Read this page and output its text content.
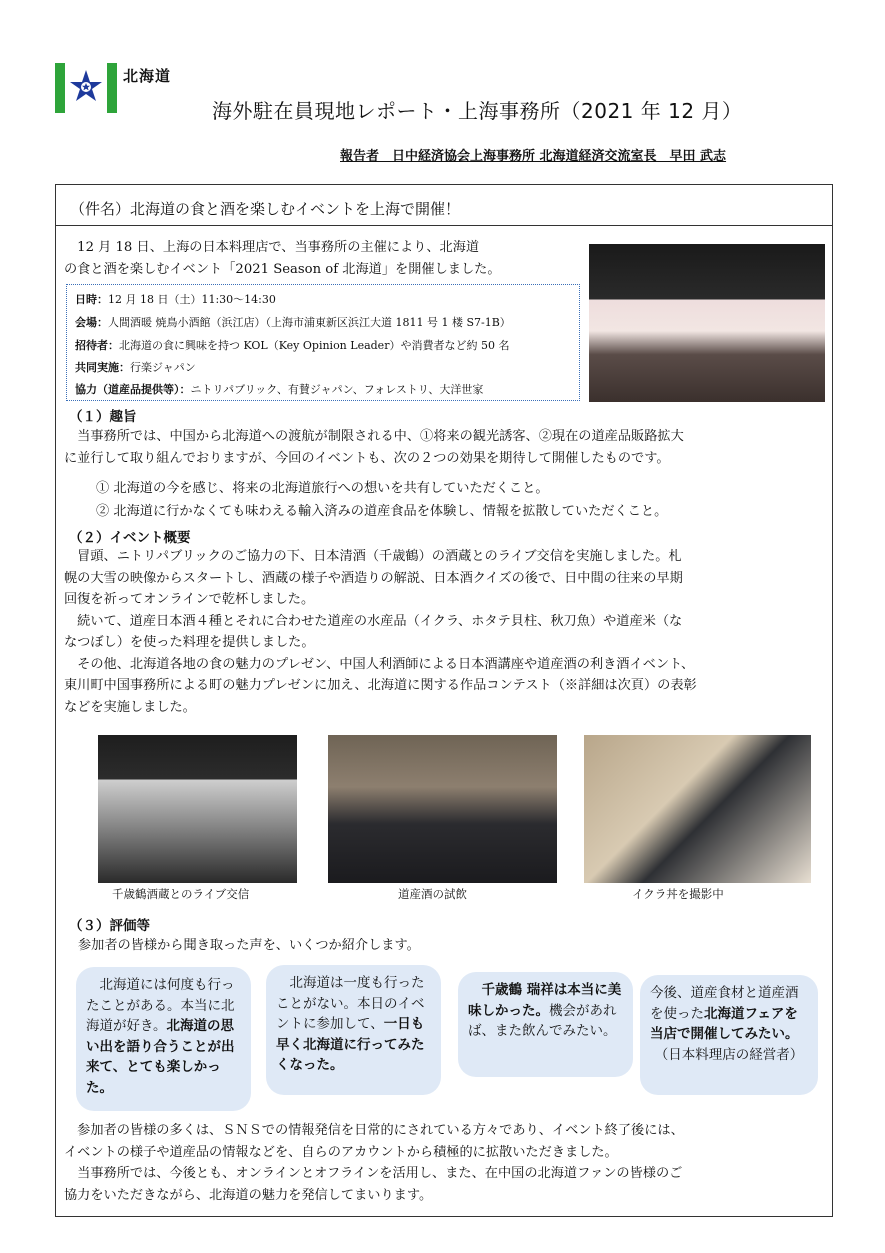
北海道
海外駐在員現地レポート・上海事務所（2021 年 12 月）
報告者　日中経済協会上海事務所 北海道経済交流室長　早田 武志
（件名）北海道の食と酒を楽しむイベントを上海で開催！
　12 月 18 日、上海の日本料理店で、当事務所の主催により、北海道
の食と酒を楽しむイベント「2021 Season of 北海道」を開催しました。
日時：12 月 18 日（土）11:30～14:30
会場：人間酒暖 焼鳥小酒館（浜江店）（上海市浦東新区浜江大道 1811 号 1 楼 S7-1B）
招待者：北海道の食に興味を持つ KOL（Key Opinion Leader）や消費者など約 50 名
共同実施：行楽ジャパン
協力（道産品提供等）：ニトリパブリック、有賛ジャパン、フォレストリ、大洋世家
（１）趣旨
　当事務所では、中国から北海道への渡航が制限される中、①将来の観光誘客、②現在の道産品販路拡大
に並行して取り組んでおりますが、今回のイベントも、次の２つの効果を期待して開催したものです。
① 北海道の今を感じ、将来の北海道旅行への想いを共有していただくこと。
② 北海道に行かなくても味わえる輸入済みの道産食品を体験し、情報を拡散していただくこと。
（２）イベント概要
　冒頭、ニトリパブリックのご協力の下、日本清酒（千歳鶴）の酒蔵とのライブ交信を実施しました。札
幌の大雪の映像からスタートし、酒蔵の様子や酒造りの解説、日本酒クイズの後で、日中間の往来の早期
回復を祈ってオンラインで乾杯しました。
　続いて、道産日本酒４種とそれに合わせた道産の水産品（イクラ、ホタテ貝柱、秋刀魚）や道産米（な
なつぼし）を使った料理を提供しました。
　その他、北海道各地の食の魅力のプレゼン、中国人利酒師による日本酒講座や道産酒の利き酒イベント、
東川町中国事務所による町の魅力プレゼンに加え、北海道に関する作品コンテスト（※詳細は次頁）の表彰
などを実施しました。
千歳鶴酒蔵とのライブ交信	道産酒の試飲	イクラ丼を撮影中
（３）評価等
参加者の皆様から聞き取った声を、いくつか紹介します。
　北海道には何度も行ったことがある。本当に北海道が好き。北海道の思い出を語り合うことが出来て、とても楽しかった。
　北海道は一度も行ったことがない。本日のイベントに参加して、一日も早く北海道に行ってみたくなった。
　千歳鶴 瑞祥は本当に美味しかった。機会があれば、また飲んでみたい。
今後、道産食材と道産酒を使った北海道フェアを当店で開催してみたい。
（日本料理店の経営者）
　参加者の皆様の多くは、ＳＮＳでの情報発信を日常的にされている方々であり、イベント終了後には、
イベントの様子や道産品の情報などを、自らのアカウントから積極的に拡散いただきました。
　当事務所では、今後とも、オンラインとオフラインを活用し、また、在中国の北海道ファンの皆様のご
協力をいただきながら、北海道の魅力を発信してまいります。
